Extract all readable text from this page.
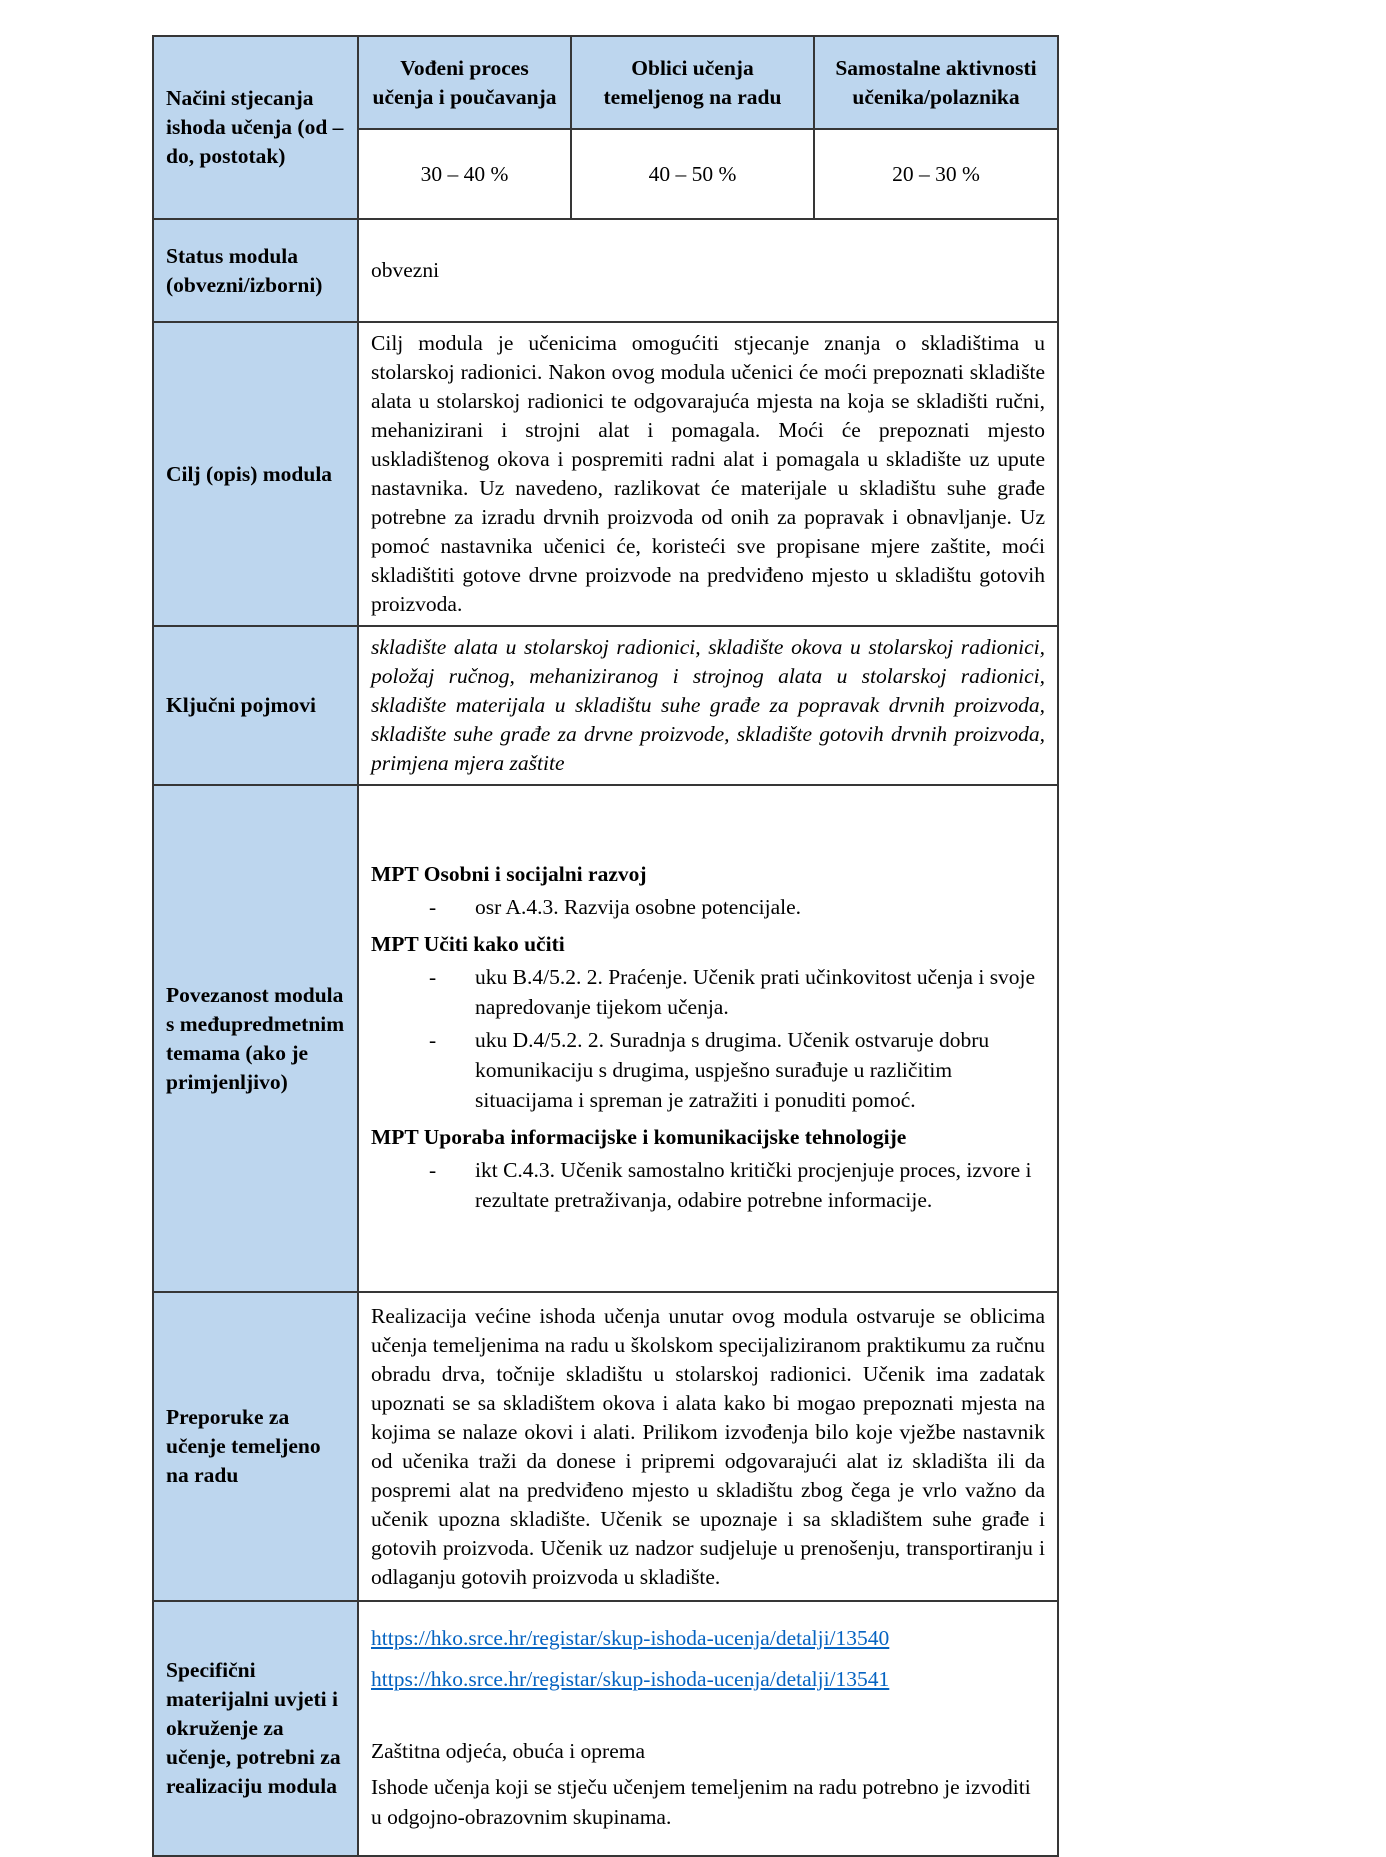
Načini stjecanja ishoda učenja (od – do, postotak)	Vođeni proces učenja i poučavanja	Oblici učenja temeljenog na radu	Samostalne aktivnosti učenika/polaznika
	30 – 40 %	40 – 50 %	20 – 30 %
Status modula (obvezni/izborni)	obvezni		
Cilj (opis) modula	Cilj modula je učenicima omogućiti stjecanje znanja o skladištima u stolarskoj radionici. Nakon ovog modula učenici će moći prepoznati skladište alata u stolarskoj radionici te odgovarajuća mjesta na koja se skladišti ručni, mehanizirani i strojni alat i pomagala. Moći će prepoznati mjesto uskladištenog okova i pospremiti radni alat i pomagala u skladište uz upute nastavnika. Uz navedeno, razlikovat će materijale u skladištu suhe građe potrebne za izradu drvnih proizvoda od onih za popravak i obnavljanje. Uz pomoć nastavnika učenici će, koristeći sve propisane mjere zaštite, moći skladištiti gotove drvne proizvode na predviđeno mjesto u skladištu gotovih proizvoda.		
Ključni pojmovi	skladište alata u stolarskoj radionici, skladište okova u stolarskoj radionici, položaj ručnog, mehaniziranog i strojnog alata u stolarskoj radionici, skladište materijala u skladištu suhe građe za popravak drvnih proizvoda, skladište suhe građe za drvne proizvode, skladište gotovih drvnih proizvoda, primjena mjera zaštite		
Povezanost modula s međupredmetnim temama (ako je primjenljivo)	
MPT Osobni i socijalni razvoj
-	osr A.4.3. Razvija osobne potencijale.
MPT Učiti kako učiti
-	uku B.4/5.2. 2. Praćenje. Učenik prati učinkovitost učenja i svoje napredovanje tijekom učenja.
-	uku D.4/5.2. 2. Suradnja s drugima. Učenik ostvaruje dobru komunikaciju s drugima, uspješno surađuje u različitim situacijama i spreman je zatražiti i ponuditi pomoć.
MPT Uporaba informacijske i komunikacijske tehnologije
-	ikt C.4.3. Učenik samostalno kritički procjenjuje proces, izvore i rezultate pretraživanja, odabire potrebne informacije.

Preporuke za učenje temeljeno na radu	Realizacija većine ishoda učenja unutar ovog modula ostvaruje se oblicima učenja temeljenima na radu u školskom specijaliziranom praktikumu za ručnu obradu drva, točnije skladištu u stolarskoj radionici. Učenik ima zadatak upoznati se sa skladištem okova i alata kako bi mogao prepoznati mjesta na kojima se nalaze okovi i alati. Prilikom izvođenja bilo koje vježbe nastavnik od učenika traži da donese i pripremi odgovarajući alat iz skladišta ili da pospremi alat na predviđeno mjesto u skladištu zbog čega je vrlo važno da učenik upozna skladište. Učenik se upoznaje i sa skladištem suhe građe i gotovih proizvoda. Učenik uz nadzor sudjeluje u prenošenju, transportiranju i odlaganju gotovih proizvoda u skladište.		
Specifični materijalni uvjeti i okruženje za učenje, potrebni za realizaciju modula	https://hko.srce.hr/registar/skup-ishoda-ucenja/detalji/13540
https://hko.srce.hr/registar/skup-ishoda-ucenja/detalji/13541
Zaštitna odjeća, obuća i oprema
Ishode učenja koji se stječu učenjem temeljenim na radu potrebno je izvoditi u odgojno-obrazovnim skupinama.		
